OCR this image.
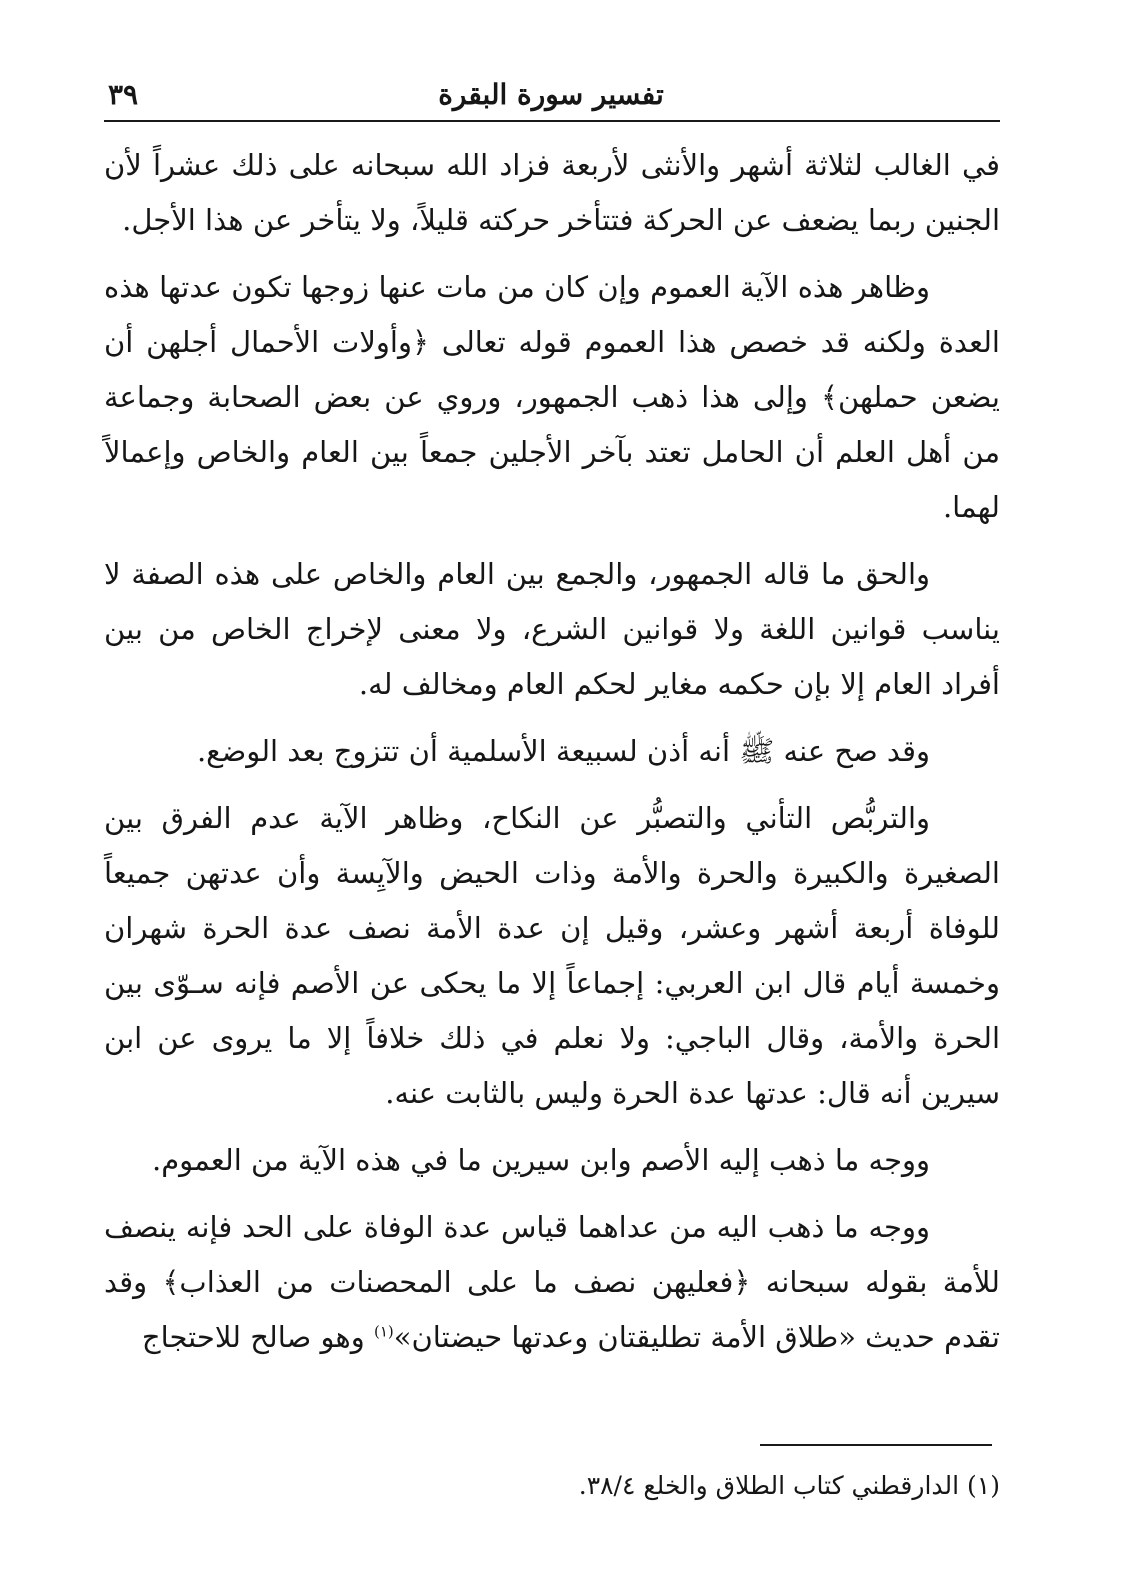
تفسير سورة البقرة
٣٩

في الغالب لثلاثة أشهر والأنثى لأربعة فزاد الله سبحانه على ذلك عشراً لأن الجنين ربما يضعف عن الحركة فتتأخر حركته قليلاً، ولا يتأخر عن هذا الأجل.

وظاهر هذه الآية العموم وإن كان من مات عنها زوجها تكون عدتها هذه العدة ولكنه قد خصص هذا العموم قوله تعالى ﴿وأولات الأحمال أجلهن أن يضعن حملهن﴾ وإلى هذا ذهب الجمهور، وروي عن بعض الصحابة وجماعة من أهل العلم أن الحامل تعتد بآخر الأجلين جمعاً بين العام والخاص وإعمالاً لهما.

والحق ما قاله الجمهور، والجمع بين العام والخاص على هذه الصفة لا يناسب قوانين اللغة ولا قوانين الشرع، ولا معنى لإخراج الخاص من بين أفراد العام إلا بإن حكمه مغاير لحكم العام ومخالف له.

وقد صح عنه ﷺ أنه أذن لسبيعة الأسلمية أن تتزوج بعد الوضع.

والتربُّص التأني والتصبُّر عن النكاح، وظاهر الآية عدم الفرق بين الصغيرة والكبيرة والحرة والأمة وذات الحيض والآيِسة وأن عدتهن جميعاً للوفاة أربعة أشهر وعشر، وقيل إن عدة الأمة نصف عدة الحرة شهران وخمسة أيام قال ابن العربي: إجماعاً إلا ما يحكى عن الأصم فإنه سـوّى بين الحرة والأمة، وقال الباجي: ولا نعلم في ذلك خلافاً إلا ما يروى عن ابن سيرين أنه قال: عدتها عدة الحرة وليس بالثابت عنه.

ووجه ما ذهب إليه الأصم وابن سيرين ما في هذه الآية من العموم.

ووجه ما ذهب اليه من عداهما قياس عدة الوفاة على الحد فإنه ينصف للأمة بقوله سبحانه ﴿فعليهن نصف ما على المحصنات من العذاب﴾ وقد تقدم حديث «طلاق الأمة تطليقتان وعدتها حيضتان»$^{(١)}$ وهو صالح للاحتجاج

(١) الدارقطني كتاب الطلاق والخلع ٣٨/٤.
